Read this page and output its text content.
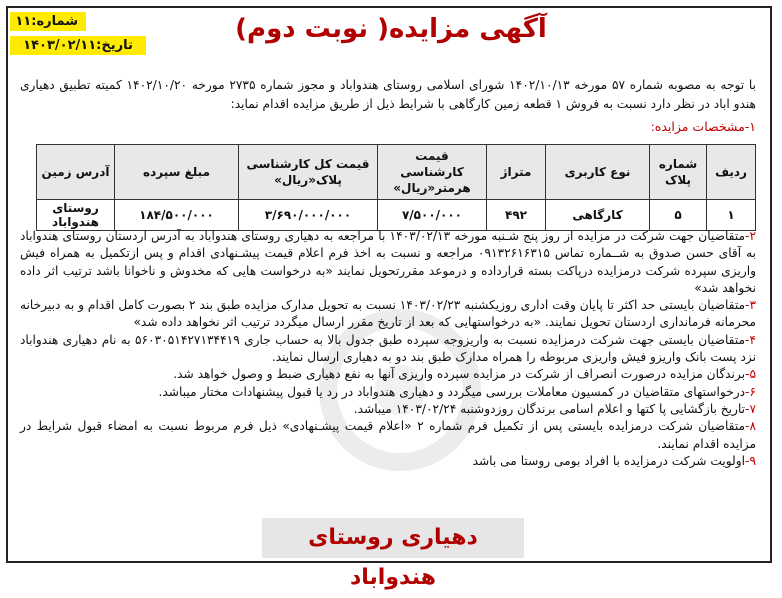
شماره:۱۱
تاریخ:۱۴۰۳/۰۲/۱۱
آگهی مزایده( نوبت دوم)
با توجه به مصوبه شماره ۵۷ مورخه ۱۴۰۲/۱۰/۱۳ شورای اسلامی روستای هندواباد و مجوز شماره ۲۷۳۵ مورخه ۱۴۰۲/۱۰/۲۰ کمیته تطبیق دهیاری هندو اباد در نظر دارد نسبت به فروش ۱ قطعه زمین کارگاهی با شرایط ذیل از طریق مزایده اقدام نماید:
۱-مشخصات مزایده:
ردیف	شماره پلاک	نوع کاربری	متراژ	قیمت کارشناسی هرمتر«ریال»	قیمت کل کارشناسی پلاک«ریال»	مبلغ سپرده	آدرس زمین
۱	۵	کارگاهی	۴۹۲	۷/۵۰۰/۰۰۰	۳/۶۹۰/۰۰۰/۰۰۰	۱۸۴/۵۰۰/۰۰۰	روستای هندواباد

۲-متقاضیان جهت شرکت در مزایده از روز پنج شـنبه مورخه ۱۴۰۳/۰۲/۱۳ با مراجعه به دهیاری روستای هندواباد به آدرس اردستان روستای هندواباد به آقای حسن صدوق به شــماره تماس ۰۹۱۳۲۶۱۶۳۱۵ مراجعه و نسبت به اخذ فرم اعلام قیمت پیشـنهادی اقدام و پس ازتکمیل به همراه فیش واریزی سپرده شرکت درمزایده درپاکت بسته قرارداده و درموعد مقررتحویل نمایند «به درخواست هایی که مخدوش و ناخوانا باشد ترتیب اثر داده نخواهد شد»

۳-متقاضیان بایستی حد اکثر تا پایان وقت اداری روزیکشنبه ۱۴۰۳/۰۲/۲۳ نسبت به تحویل مدارک مزایده طبق بند ۲ بصورت کامل اقدام و به دبیرخانه محرمانه فرمانداری اردستان تحویل نمایند. «به درخواستهایی که بعد از تاریخ مقرر ارسال میگردد ترتیب اثر نخواهد داده شد»

۴-متقاضیان بایستی جهت شرکت درمزایده نسبت به واریزوجه سپرده طبق جدول بالا به حساب جاری ۵۶۰۳۰۵۱۴۲۷۱۳۴۴۱۹ به نام دهیاری هندواباد نزد پست بانک واریزو فیش واریزی مربوطه را همراه مدارک طبق بند دو به دهیاری ارسال نمایند.

۵-برندگان مزایده درصورت انصراف از شرکت در مزایده سپرده واریزی آنها به نفع دهیاری ضبط و وصول خواهد شد.

۶-درخواستهای متقاضیان در کمسیون معاملات بررسی میگردد و دهیاری هندواباد در رد یا قبول پیشنهادات مختار میباشد.

۷-تاریخ بازگشایی پا کتها و اعلام اسامی برندگان روزدوشنبه ۱۴۰۳/۰۲/۲۴ میباشد.

۸-متقاضیان شرکت درمزایده بایستی پس از تکمیل فرم شماره ۲ «اعلام قیمت پیشـنهادی» ذیل فرم مربوط نسبت به امضاء قبول شرایط در مزایده اقدام نمایند.

۹-اولویت شرکت درمزایده با افراد بومی روستا می باشد

دهیاری روستای هندواباد
